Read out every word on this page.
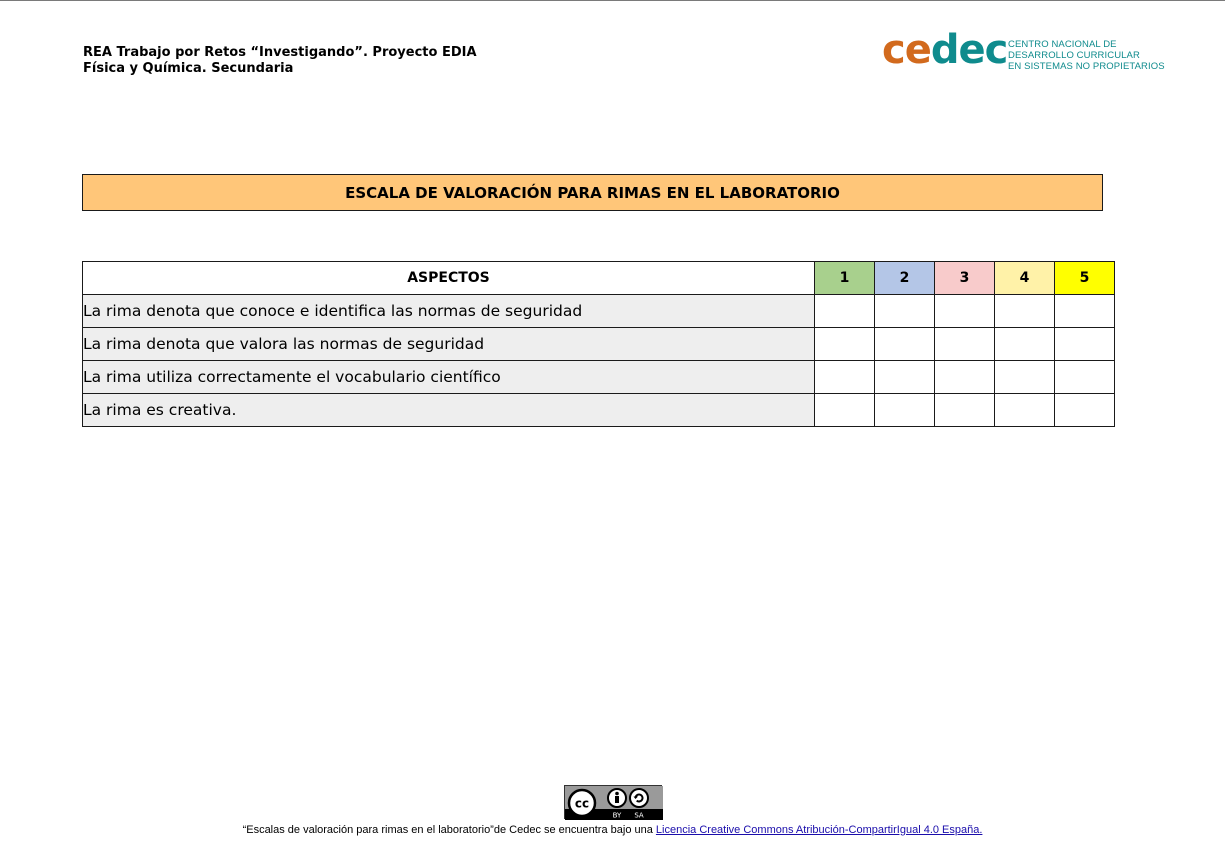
REA Trabajo por Retos “Investigando”. Proyecto EDIA
Física y Química. Secundaria	cedec CENTRO NACIONAL DE
DESARROLLO CURRICULAR
EN SISTEMAS NO PROPIETARIOS
ESCALA DE VALORACIÓN PARA RIMAS EN EL LABORATORIO
ASPECTOS	1	2	3	4	5
La rima denota que conoce e identifica las normas de seguridad					
La rima denota que valora las normas de seguridad					
La rima utiliza correctamente el vocabulario científico					
La rima es creativa.					
cc
BY SA
“Escalas de valoración para rimas en el laboratorio”de Cedec se encuentra bajo una Licencia Creative Commons Atribución-CompartirIgual 4.0 España.
